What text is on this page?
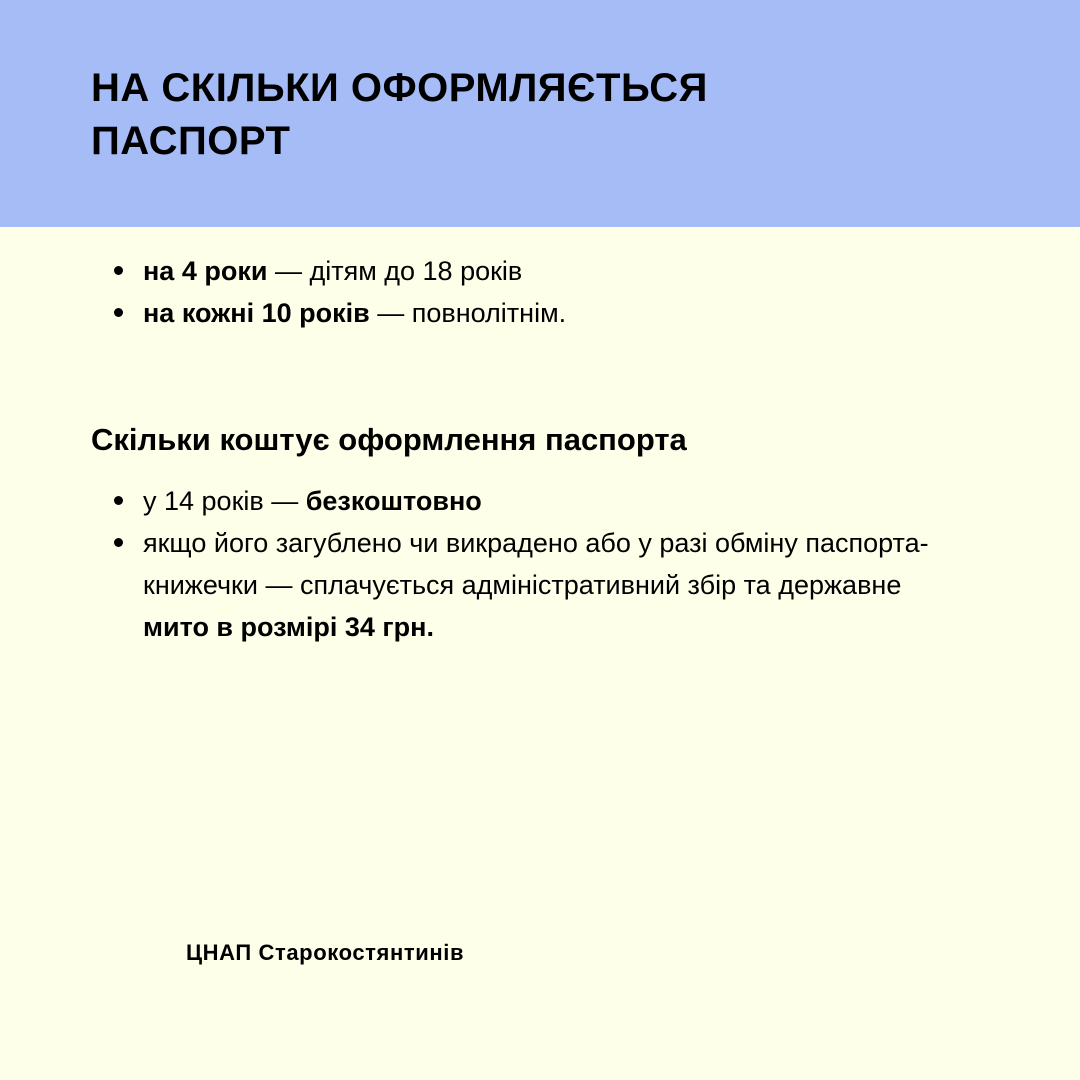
НА СКІЛЬКИ ОФОРМЛЯЄТЬСЯ
ПАСПОРТ
на 4 роки — дітям до 18 років
на кожні 10 років — повнолітнім.
Скільки коштує оформлення паспорта
у 14 років — безкоштовно
якщо його загублено чи викрадено або у разі обміну паспорта-книжечки — сплачується адміністративний збір та державне мито в розмірі 34 грн.
ЦНАП Старокостянтинів
